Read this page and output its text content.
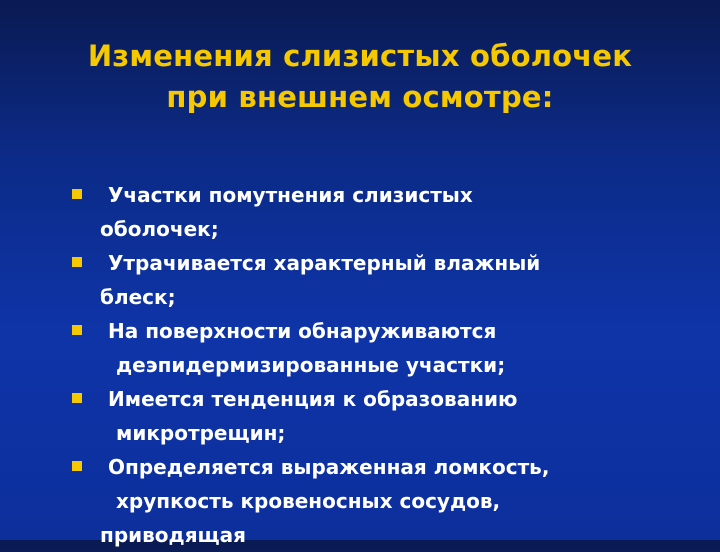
Изменения слизистых оболочек
при внешнем осмотре:
Участки помутнения слизистых
оболочек;
Утрачивается характерный влажный
блеск;
На поверхности обнаруживаются
деэпидермизированные участки;
Имеется тенденция к образованию
микротрещин;
Определяется выраженная ломкость,
хрупкость кровеносных сосудов,
приводящая
